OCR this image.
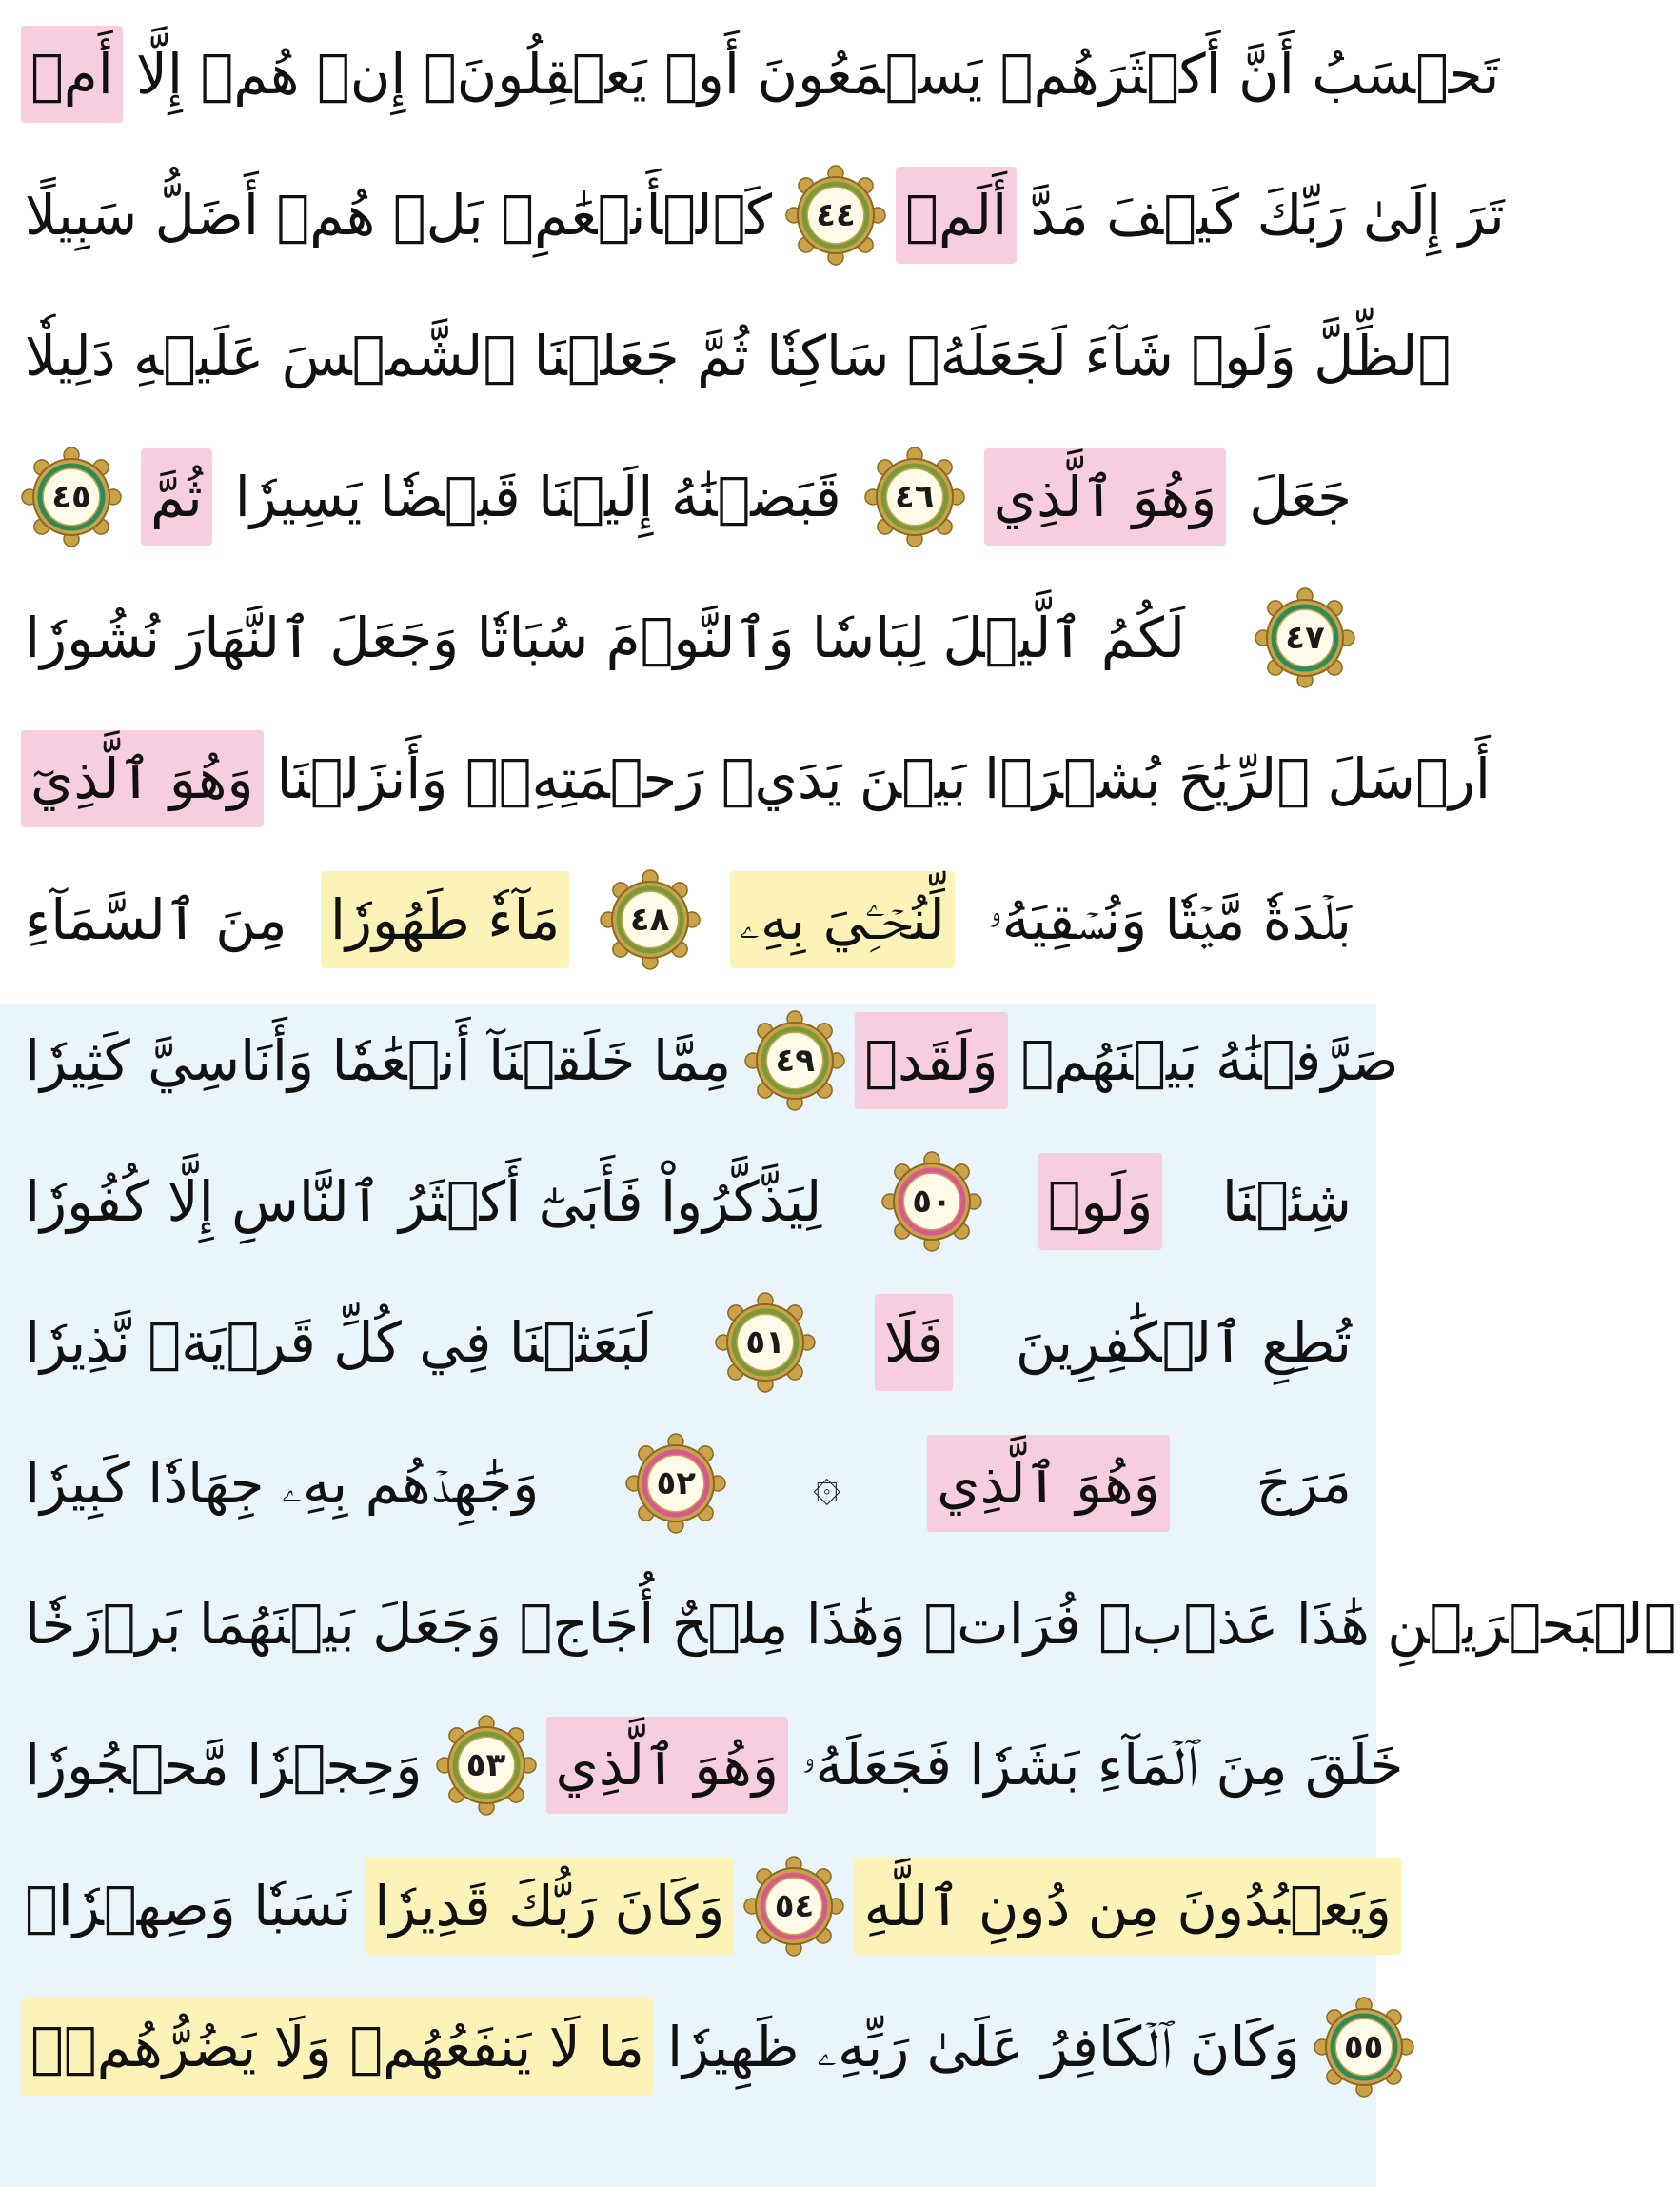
أَمۡ تَحۡسَبُ أَنَّ أَكۡثَرَهُمۡ يَسۡمَعُونَ أَوۡ يَعۡقِلُونَۚ إِنۡ هُمۡ إِلَّا
كَٱلۡأَنۡعَٰمِۖ بَلۡ هُمۡ أَضَلُّ سَبِيلًا ٤٤ أَلَمۡ تَرَ إِلَىٰ رَبِّكَ كَيۡفَ مَدَّ
ٱلظِّلَّ وَلَوۡ شَآءَ لَجَعَلَهُۥ سَاكِنٗا ثُمَّ جَعَلۡنَا ٱلشَّمۡسَ عَلَيۡهِ دَلِيلٗا
٤٥ ثُمَّ قَبَضۡنَٰهُ إِلَيۡنَا قَبۡضٗا يَسِيرٗا ٤٦ وَهُوَ ٱلَّذِي جَعَلَ
لَكُمُ ٱلَّيۡلَ لِبَاسٗا وَٱلنَّوۡمَ سُبَاتٗا وَجَعَلَ ٱلنَّهَارَ نُشُورٗا	٤٧
وَهُوَ ٱلَّذِيٓ أَرۡسَلَ ٱلرِّيَٰحَ بُشۡرَۢا بَيۡنَ يَدَيۡ رَحۡمَتِهِۦۚ وَأَنزَلۡنَا
مِنَ ٱلسَّمَآءِ مَآءٗ طَهُورٗا ٤٨ لِّنُحۡـِۧيَ بِهِۦ بَلۡدَةٗ مَّيۡتٗا وَنُسۡقِيَهُۥ
مِمَّا خَلَقۡنَآ أَنۡعَٰمٗا وَأَنَاسِيَّ كَثِيرٗا ٤٩ وَلَقَدۡ صَرَّفۡنَٰهُ بَيۡنَهُمۡ
لِيَذَّكَّرُواْ فَأَبَىٰٓ أَكۡثَرُ ٱلنَّاسِ إِلَّا كُفُورٗا	٥٠ وَلَوۡ شِئۡنَا
لَبَعَثۡنَا فِي كُلِّ قَرۡيَةٖ نَّذِيرٗا	٥١ فَلَا تُطِعِ ٱلۡكَٰفِرِينَ
وَجَٰهِدۡهُم بِهِۦ جِهَادٗا كَبِيرٗا	٥٢ ۞ وَهُوَ ٱلَّذِي مَرَجَ
ٱلۡبَحۡرَيۡنِ هَٰذَا عَذۡبٞ فُرَاتٞ وَهَٰذَا مِلۡحٌ أُجَاجٞ وَجَعَلَ بَيۡنَهُمَا بَرۡزَخٗا
وَحِجۡرٗا مَّحۡجُورٗا ٥٣ وَهُوَ ٱلَّذِي خَلَقَ مِنَ ٱلۡمَآءِ بَشَرٗا فَجَعَلَهُۥ
نَسَبٗا وَصِهۡرٗاۗ وَكَانَ رَبُّكَ قَدِيرٗا ٥٤ وَيَعۡبُدُونَ مِن دُونِ ٱللَّهِ
مَا لَا يَنفَعُهُمۡ وَلَا يَضُرُّهُمۡۗ وَكَانَ ٱلۡكَافِرُ عَلَىٰ رَبِّهِۦ ظَهِيرٗا ٥٥
